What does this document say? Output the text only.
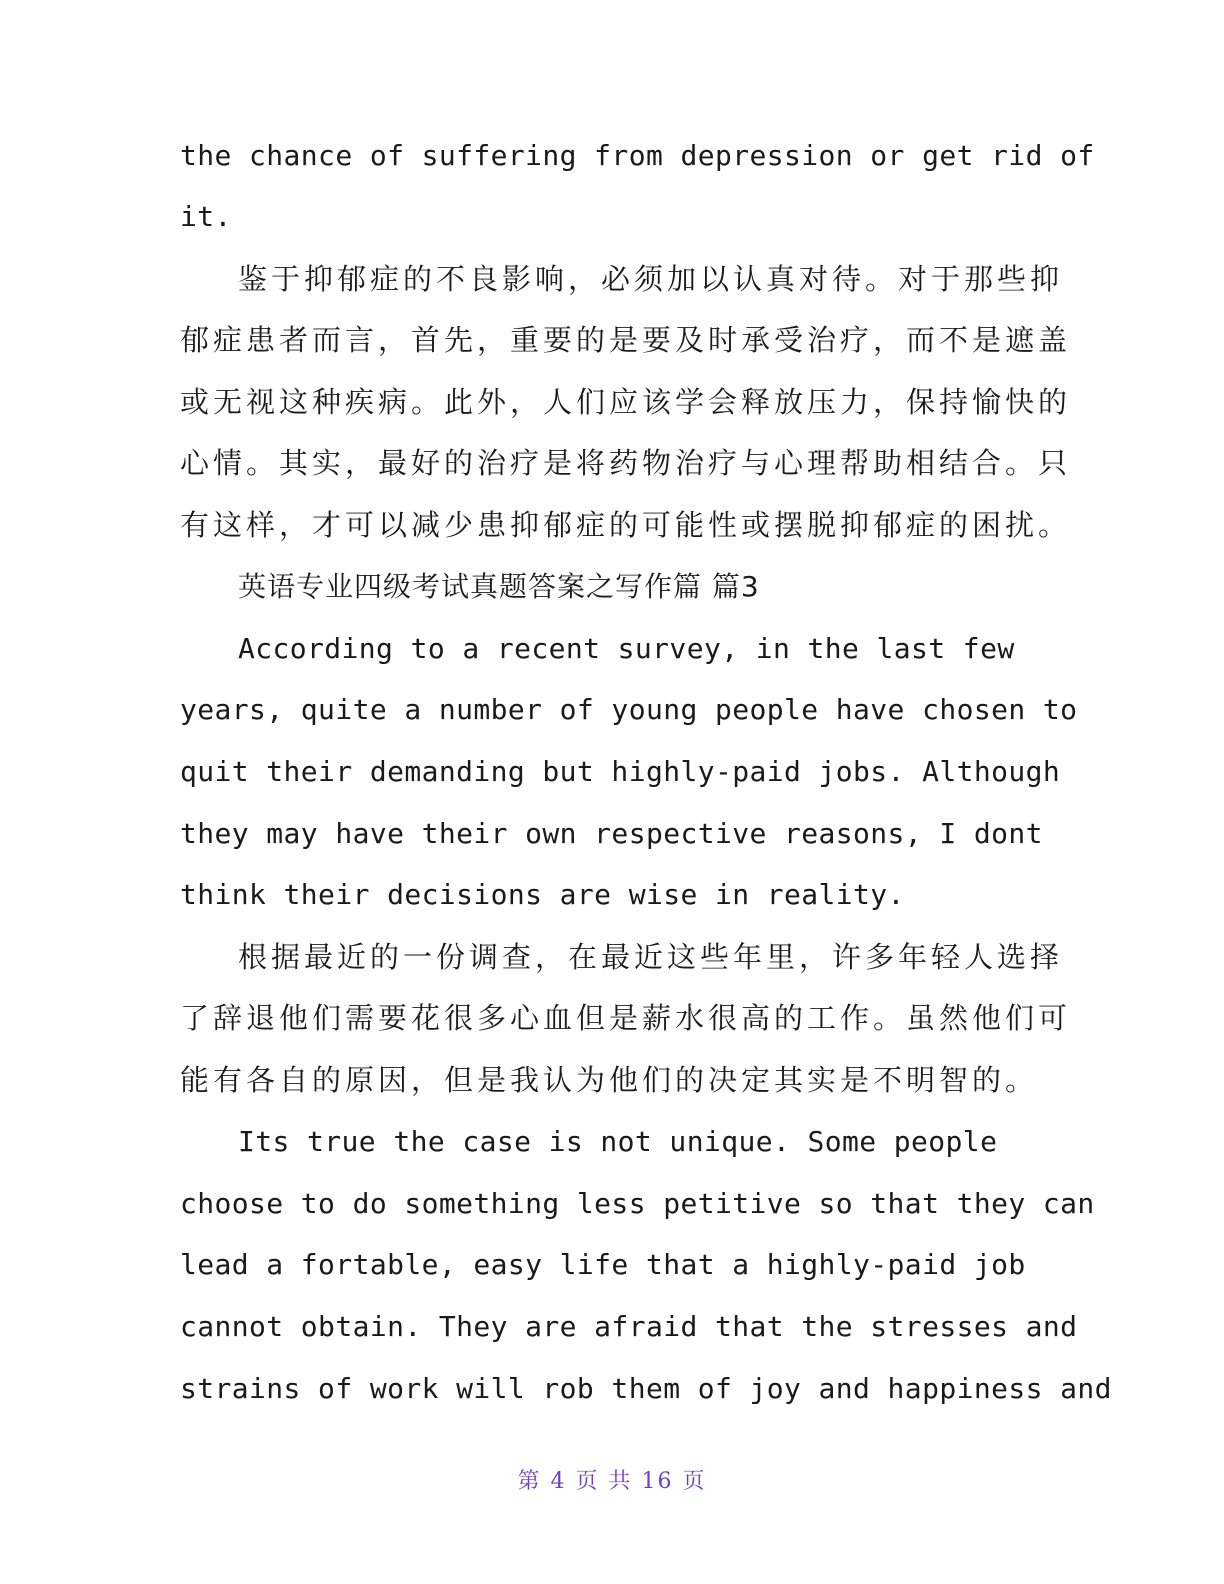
the chance of suffering from depression or get rid of
it.
鉴于抑郁症的不良影响，必须加以认真对待。对于那些抑
郁症患者而言，首先，重要的是要及时承受治疗，而不是遮盖
或无视这种疾病。此外，人们应该学会释放压力，保持愉快的
心情。其实，最好的治疗是将药物治疗与心理帮助相结合。只
有这样，才可以减少患抑郁症的可能性或摆脱抑郁症的困扰。
英语专业四级考试真题答案之写作篇 篇3
According to a recent survey, in the last few
years, quite a number of young people have chosen to
quit their demanding but highly-paid jobs. Although
they may have their own respective reasons, I dont
think their decisions are wise in reality.
根据最近的一份调查，在最近这些年里，许多年轻人选择
了辞退他们需要花很多心血但是薪水很高的工作。虽然他们可
能有各自的原因，但是我认为他们的决定其实是不明智的。
Its true the case is not unique. Some people
choose to do something less petitive so that they can
lead a fortable, easy life that a highly-paid job
cannot obtain. They are afraid that the stresses and
strains of work will rob them of joy and happiness and
第 4 页 共 16 页
